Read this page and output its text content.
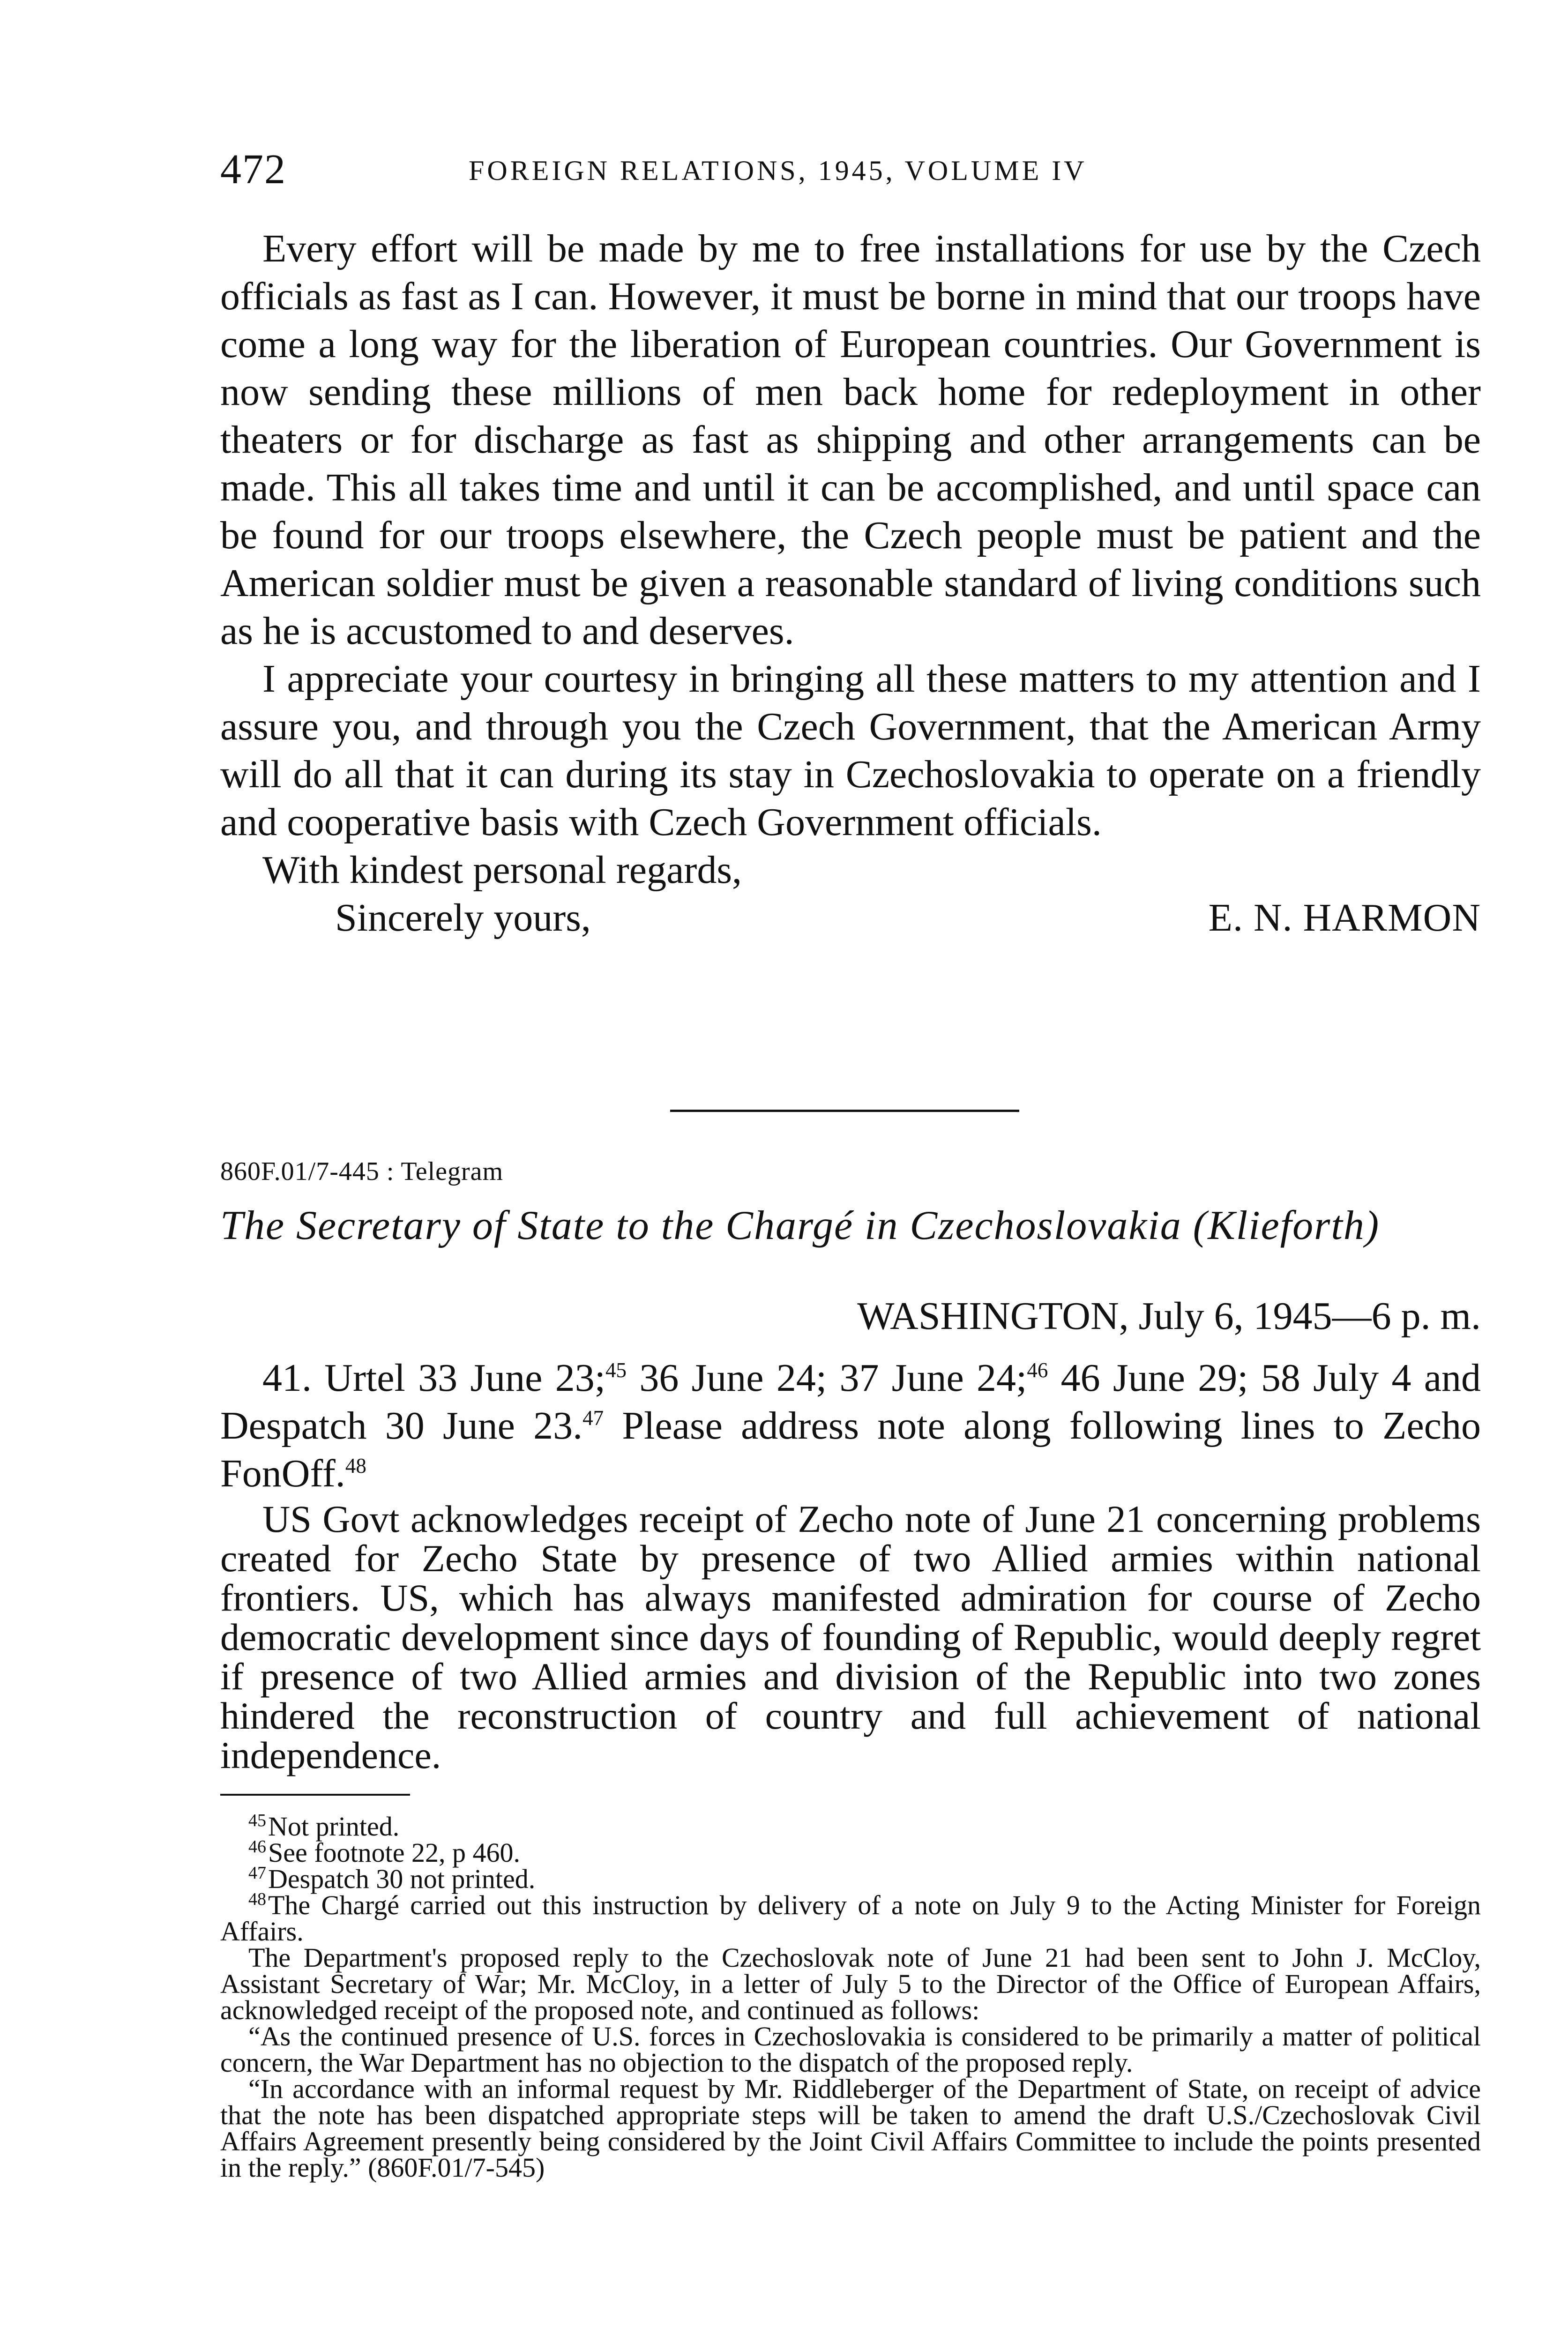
472	FOREIGN RELATIONS, 1945, VOLUME IV

Every effort will be made by me to free installations for use by the Czech officials as fast as I can. However, it must be borne in mind that our troops have come a long way for the liberation of European countries. Our Government is now sending these millions of men back home for redeployment in other theaters or for discharge as fast as shipping and other arrangements can be made. This all takes time and until it can be accomplished, and until space can be found for our troops elsewhere, the Czech people must be patient and the American soldier must be given a reasonable standard of living conditions such as he is accustomed to and deserves.

I appreciate your courtesy in bringing all these matters to my attention and I assure you, and through you the Czech Government, that the American Army will do all that it can during its stay in Czechoslovakia to operate on a friendly and cooperative basis with Czech Government officials.

With kindest personal regards,

Sincerely yours,	E. N. HARMON
860F.01/7-445 : Telegram
The Secretary of State to the Chargé in Czechoslovakia (Klieforth)
WASHINGTON, July 6, 1945—6 p. m.

41. Urtel 33 June 23;$^{45}$ 36 June 24; 37 June 24;$^{46}$ 46 June 29; 58 July 4 and Despatch 30 June 23.47 Please address note along following lines to Zecho FonOff.$^{48}$

US Govt acknowledges receipt of Zecho note of June 21 concerning problems created for Zecho State by presence of two Allied armies within national frontiers. US, which has always manifested admiration for course of Zecho democratic development since days of founding of Republic, would deeply regret if presence of two Allied armies and division of the Republic into two zones hindered the reconstruction of country and full achievement of national independence.

$^{45}$Not printed.

$^{46}$See footnote 22, p 460.

$^{47}$Despatch 30 not printed.

$^{48}$The Chargé carried out this instruction by delivery of a note on July 9 to the Acting Minister for Foreign Affairs.

The Department's proposed reply to the Czechoslovak note of June 21 had been sent to John J. McCloy, Assistant Secretary of War; Mr. McCloy, in a letter of July 5 to the Director of the Office of European Affairs, acknowledged receipt of the proposed note, and continued as follows:

“As the continued presence of U.S. forces in Czechoslovakia is considered to be primarily a matter of political concern, the War Department has no objection to the dispatch of the proposed reply.

“In accordance with an informal request by Mr. Riddleberger of the Department of State, on receipt of advice that the note has been dispatched appropriate steps will be taken to amend the draft U.S./Czechoslovak Civil Affairs Agreement presently being considered by the Joint Civil Affairs Committee to include the points presented in the reply.” (860F.01/7-545)
